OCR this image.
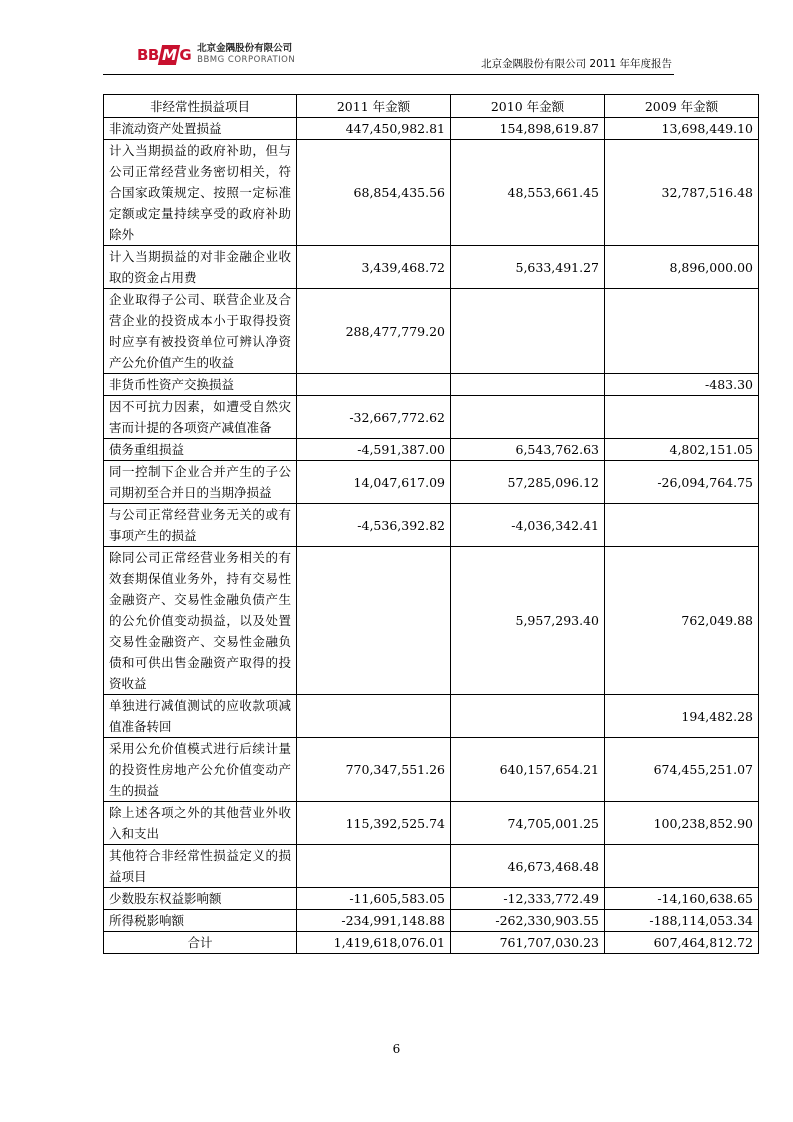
BBMG 北京金隅股份有限公司
BBMG CORPORATION	北京金隅股份有限公司 2011 年年度报告
非经常性损益项目	2011 年金额	2010 年金额	2009 年金额
非流动资产处置损益	447,450,982.81	154,898,619.87	13,698,449.10
计入当期损益的政府补助，但与公司正常经营业务密切相关，符合国家政策规定、按照一定标准定额或定量持续享受的政府补助除外	68,854,435.56	48,553,661.45	32,787,516.48
计入当期损益的对非金融企业收取的资金占用费	3,439,468.72	5,633,491.27	8,896,000.00
企业取得子公司、联营企业及合营企业的投资成本小于取得投资时应享有被投资单位可辨认净资产公允价值产生的收益	288,477,779.20		
非货币性资产交换损益			-483.30
因不可抗力因素，如遭受自然灾害而计提的各项资产减值准备	-32,667,772.62		
债务重组损益	-4,591,387.00	6,543,762.63	4,802,151.05
同一控制下企业合并产生的子公司期初至合并日的当期净损益	14,047,617.09	57,285,096.12	-26,094,764.75
与公司正常经营业务无关的或有事项产生的损益	-4,536,392.82	-4,036,342.41	
除同公司正常经营业务相关的有效套期保值业务外，持有交易性金融资产、交易性金融负债产生的公允价值变动损益，以及处置交易性金融资产、交易性金融负债和可供出售金融资产取得的投资收益		5,957,293.40	762,049.88
单独进行减值测试的应收款项减值准备转回			194,482.28
采用公允价值模式进行后续计量的投资性房地产公允价值变动产生的损益	770,347,551.26	640,157,654.21	674,455,251.07
除上述各项之外的其他营业外收入和支出	115,392,525.74	74,705,001.25	100,238,852.90
其他符合非经常性损益定义的损益项目		46,673,468.48	
少数股东权益影响额	-11,605,583.05	-12,333,772.49	-14,160,638.65
所得税影响额	-234,991,148.88	-262,330,903.55	-188,114,053.34
合计	1,419,618,076.01	761,707,030.23	607,464,812.72
6
